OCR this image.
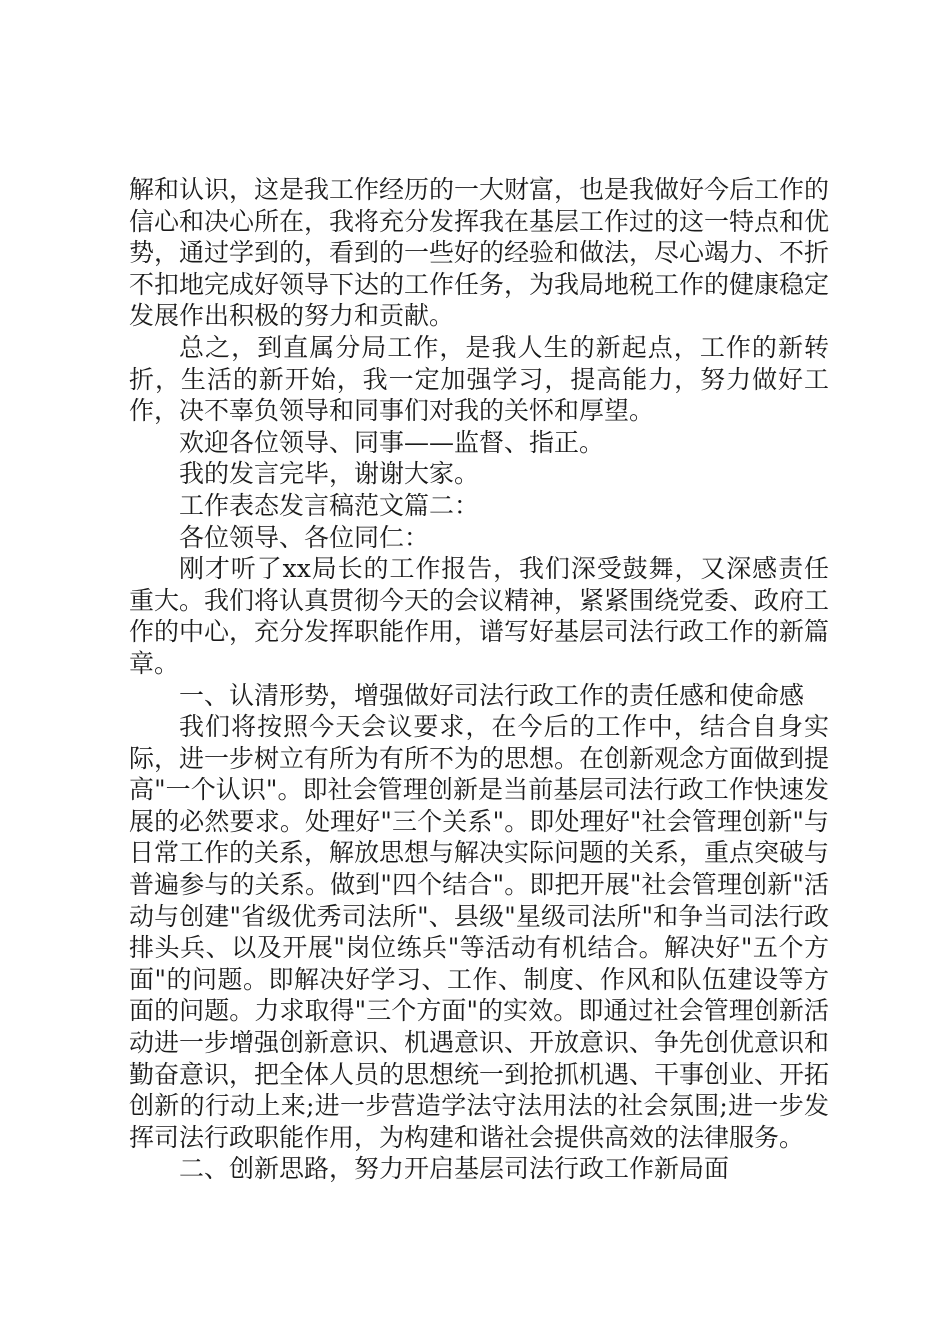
解和认识，这是我工作经历的一大财富，也是我做好今后工作的信心和决心所在，我将充分发挥我在基层工作过的这一特点和优势，通过学到的，看到的一些好的经验和做法，尽心竭力、不折不扣地完成好领导下达的工作任务，为我局地税工作的健康稳定发展作出积极的努力和贡献。

总之，到直属分局工作，是我人生的新起点，工作的新转折，生活的新开始，我一定加强学习，提高能力，努力做好工作，决不辜负领导和同事们对我的关怀和厚望。

欢迎各位领导、同事——监督、指正。

我的发言完毕，谢谢大家。

工作表态发言稿范文篇二：

各位领导、各位同仁：

刚才听了xx局长的工作报告，我们深受鼓舞，又深感责任重大。我们将认真贯彻今天的会议精神，紧紧围绕党委、政府工作的中心，充分发挥职能作用，谱写好基层司法行政工作的新篇章。

一、认清形势，增强做好司法行政工作的责任感和使命感

我们将按照今天会议要求，在今后的工作中，结合自身实际，进一步树立有所为有所不为的思想。在创新观念方面做到提高"一个认识"。即社会管理创新是当前基层司法行政工作快速发展的必然要求。处理好"三个关系"。即处理好"社会管理创新"与日常工作的关系，解放思想与解决实际问题的关系，重点突破与普遍参与的关系。做到"四个结合"。即把开展"社会管理创新"活动与创建"省级优秀司法所"、县级"星级司法所"和争当司法行政排头兵、以及开展"岗位练兵"等活动有机结合。解决好"五个方面"的问题。即解决好学习、工作、制度、作风和队伍建设等方面的问题。力求取得"三个方面"的实效。即通过社会管理创新活动进一步增强创新意识、机遇意识、开放意识、争先创优意识和勤奋意识，把全体人员的思想统一到抢抓机遇、干事创业、开拓创新的行动上来;进一步营造学法守法用法的社会氛围;进一步发挥司法行政职能作用，为构建和谐社会提供高效的法律服务。

二、创新思路，努力开启基层司法行政工作新局面
